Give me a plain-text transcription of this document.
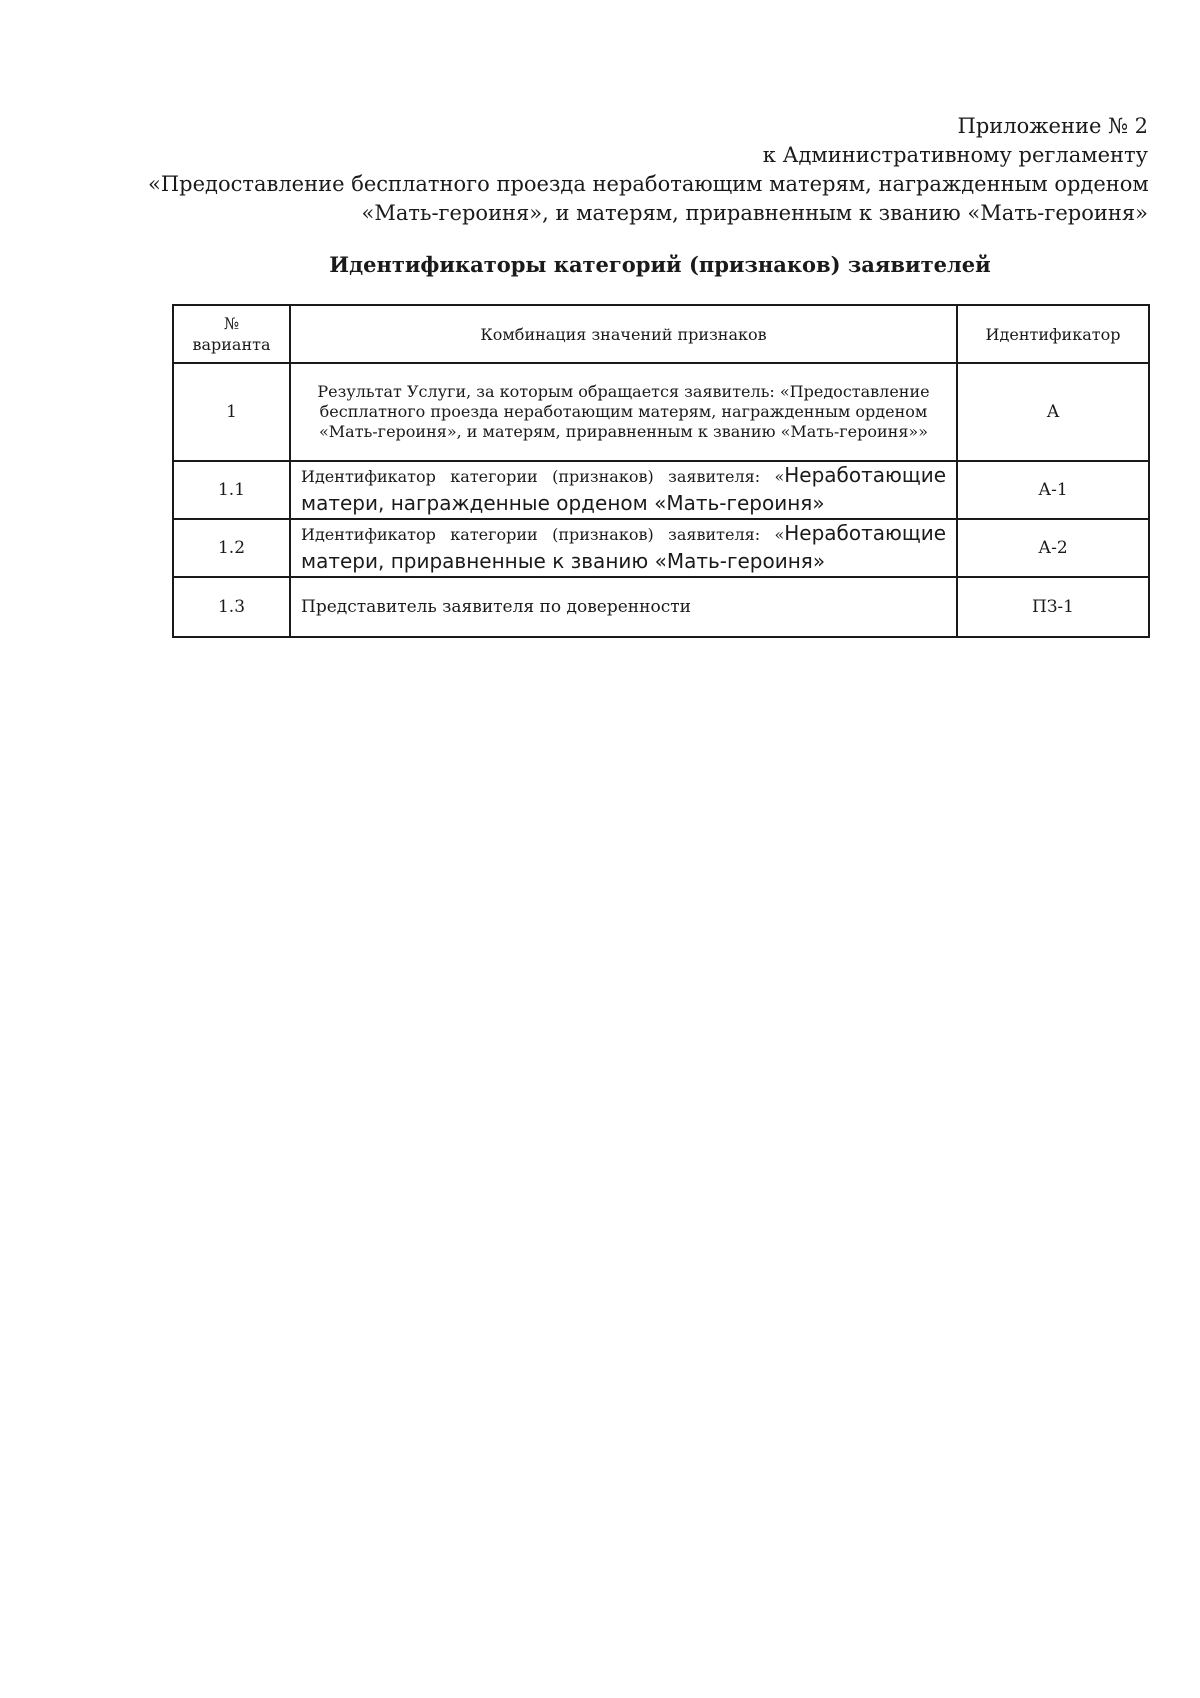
Приложение № 2
к Административному регламенту
«Предоставление бесплатного проезда неработающим матерям, награжденным орденом
«Мать-героиня», и матерям, приравненным к званию «Мать-героиня»
Идентификаторы категорий (признаков) заявителей
№ варианта	Комбинация значений признаков	Идентификатор
1	Результат Услуги, за которым обращается заявитель: «Предоставление бесплатного проезда неработающим матерям, награжденным орденом «Мать-героиня», и матерям, приравненным к званию «Мать-героиня»»	А
1.1	Идентификатор категории (признаков) заявителя: «Неработающие матери, награжденные орденом «Мать-героиня»	А-1
1.2	Идентификатор категории (признаков) заявителя: «Неработающие матери, приравненные к званию «Мать-героиня»	А-2
1.3	Представитель заявителя по доверенности	ПЗ-1
